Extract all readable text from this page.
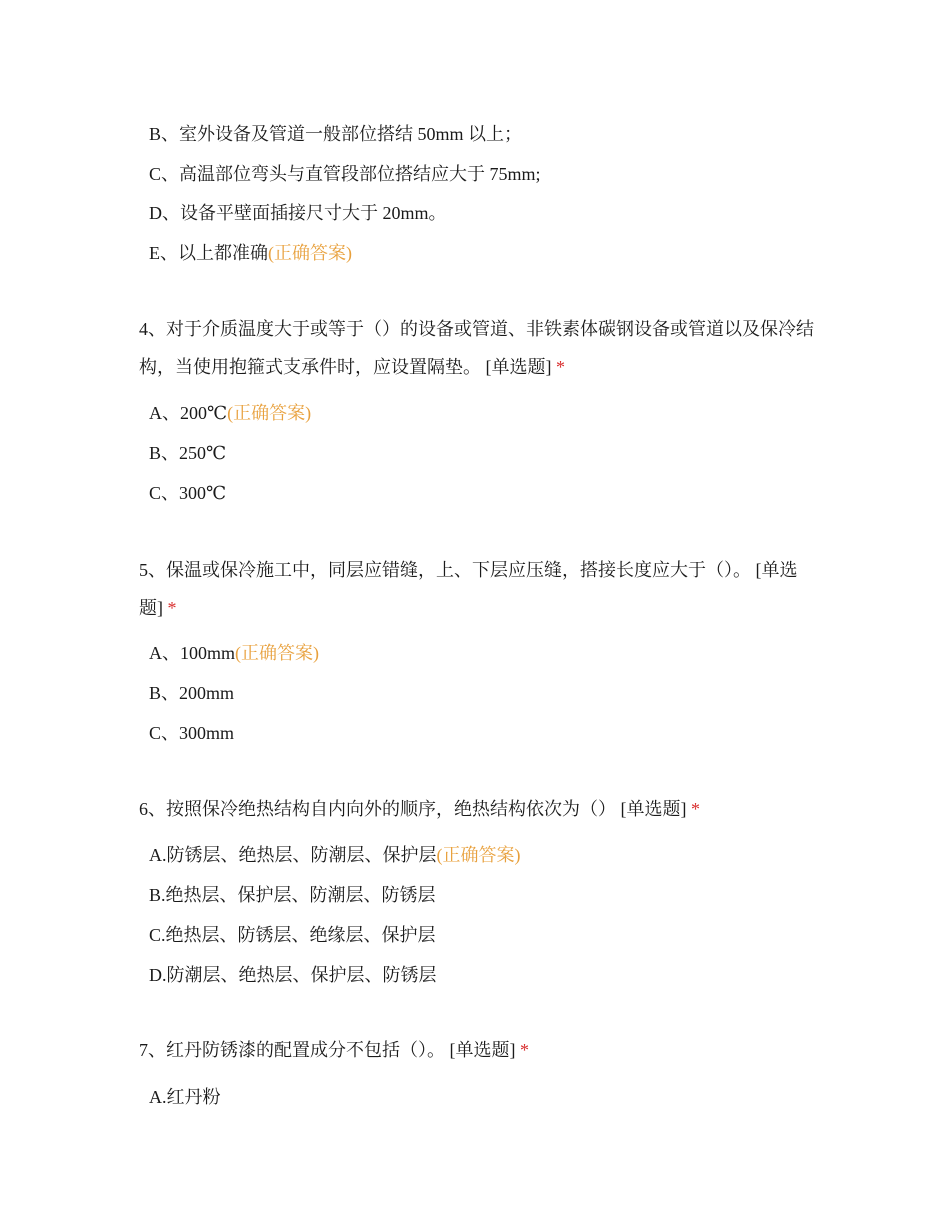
B、室外设备及管道一般部位搭结 50mm 以上；
C、高温部位弯头与直管段部位搭结应大于 75mm;
D、设备平壁面插接尺寸大于 20mm。
E、以上都准确(正确答案)
4、对于介质温度大于或等于（）的设备或管道、非铁素体碳钢设备或管道以及保冷结构，当使用抱箍式支承件时，应设置隔垫。 [单选题] *
A、200℃(正确答案)
B、250℃
C、300℃
5、保温或保冷施工中，同层应错缝，上、下层应压缝，搭接长度应大于（）。 [单选题] *
A、100mm(正确答案)
B、200mm
C、300mm
6、按照保冷绝热结构自内向外的顺序，绝热结构依次为（） [单选题] *
A.防锈层、绝热层、防潮层、保护层(正确答案)
B.绝热层、保护层、防潮层、防锈层
C.绝热层、防锈层、绝缘层、保护层
D.防潮层、绝热层、保护层、防锈层
7、红丹防锈漆的配置成分不包括（）。 [单选题] *
A.红丹粉
